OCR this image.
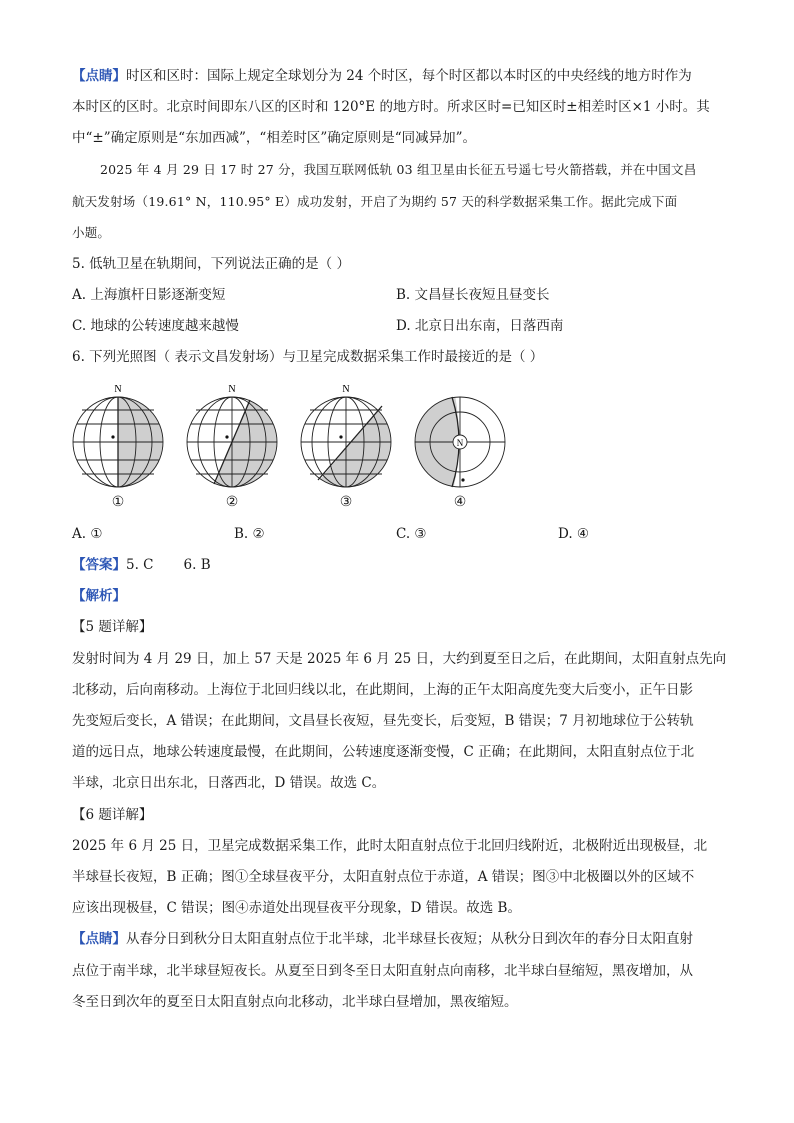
【点睛】时区和区时：国际上规定全球划分为 24 个时区，每个时区都以本时区的中央经线的地方时作为
本时区的区时。北京时间即东八区的区时和 120°E 的地方时。所求区时=已知区时±相差时区×1 小时。其
中“±”确定原则是“东加西减”，“相差时区”确定原则是“同减异加”。
2025 年 4 月 29 日 17 时 27 分，我国互联网低轨 03 组卫星由长征五号遥七号火箭搭载，并在中国文昌
航天发射场（19.61° N，110.95° E）成功发射，开启了为期约 57 天的科学数据采集工作。据此完成下面
小题。
5. 低轨卫星在轨期间，下列说法正确的是（ ）
A. 上海旗杆日影逐渐变短	B. 文昌昼长夜短且昼变长
C. 地球的公转速度越来越慢	D. 北京日出东南，日落西南
6. 下列光照图（ 表示文昌发射场）与卫星完成数据采集工作时最接近的是（ ）
N
①
N
②
N
③
N
④
A. ①	B. ②	C. ③	D. ④
【答案】5. C       6. B
【解析】
【5 题详解】
发射时间为 4 月 29 日，加上 57 天是 2025 年 6 月 25 日，大约到夏至日之后，在此期间，太阳直射点先向
北移动，后向南移动。上海位于北回归线以北，在此期间，上海的正午太阳高度先变大后变小，正午日影
先变短后变长，A 错误；在此期间，文昌昼长夜短，昼先变长，后变短，B 错误；7 月初地球位于公转轨
道的远日点，地球公转速度最慢，在此期间，公转速度逐渐变慢，C 正确；在此期间，太阳直射点位于北
半球，北京日出东北，日落西北，D 错误。故选 C。
【6 题详解】
2025 年 6 月 25 日，卫星完成数据采集工作，此时太阳直射点位于北回归线附近，北极附近出现极昼，北
半球昼长夜短，B 正确；图①全球昼夜平分，太阳直射点位于赤道，A 错误；图③中北极圈以外的区域不
应该出现极昼，C 错误；图④赤道处出现昼夜平分现象，D 错误。故选 B。
【点睛】从春分日到秋分日太阳直射点位于北半球，北半球昼长夜短；从秋分日到次年的春分日太阳直射
点位于南半球，北半球昼短夜长。从夏至日到冬至日太阳直射点向南移，北半球白昼缩短，黑夜增加，从
冬至日到次年的夏至日太阳直射点向北移动，北半球白昼增加，黑夜缩短。
